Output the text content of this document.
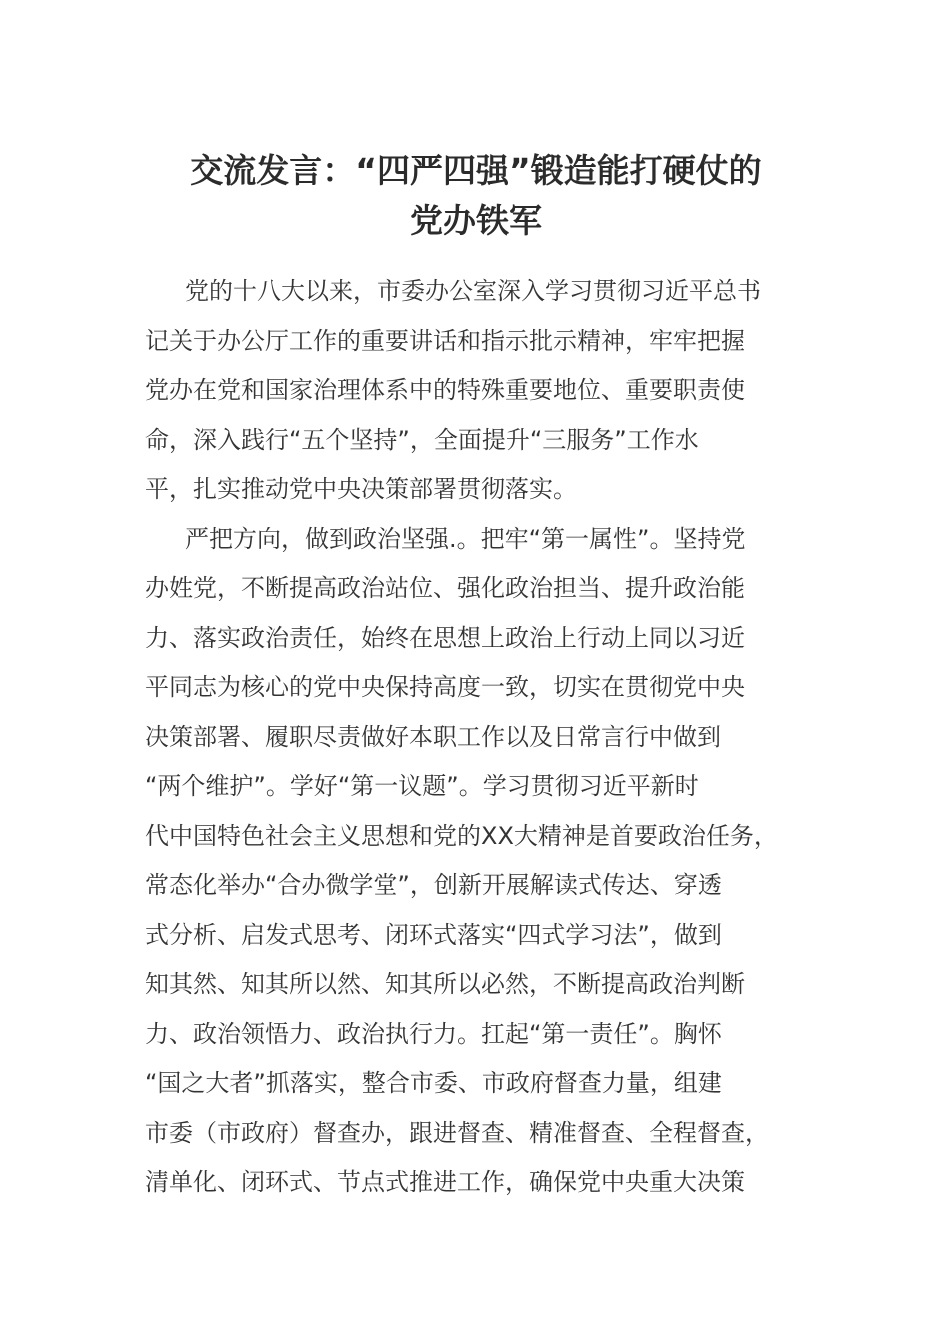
交流发言：“四严四强”锻造能打硬仗的
党办铁军
党的十八大以来，市委办公室深入学习贯彻习近平总书
记关于办公厅工作的重要讲话和指示批示精神，牢牢把握
党办在党和国家治理体系中的特殊重要地位、重要职责使
命，深入践行“五个坚持”，全面提升“三服务”工作水
平，扎实推动党中央决策部署贯彻落实。
严把方向，做到政治坚强.。把牢“第一属性”。坚持党
办姓党，不断提高政治站位、强化政治担当、提升政治能
力、落实政治责任，始终在思想上政治上行动上同以习近
平同志为核心的党中央保持高度一致，切实在贯彻党中央
决策部署、履职尽责做好本职工作以及日常言行中做到
“两个维护”。学好“第一议题”。学习贯彻习近平新时
代中国特色社会主义思想和党的XX大精神是首要政治任务，
常态化举办“合办微学堂”，创新开展解读式传达、穿透
式分析、启发式思考、闭环式落实“四式学习法”，做到
知其然、知其所以然、知其所以必然，不断提高政治判断
力、政治领悟力、政治执行力。扛起“第一责任”。胸怀
“国之大者”抓落实，整合市委、市政府督查力量，组建
市委（市政府）督查办，跟进督查、精准督查、全程督查，
清单化、闭环式、节点式推进工作，确保党中央重大决策
